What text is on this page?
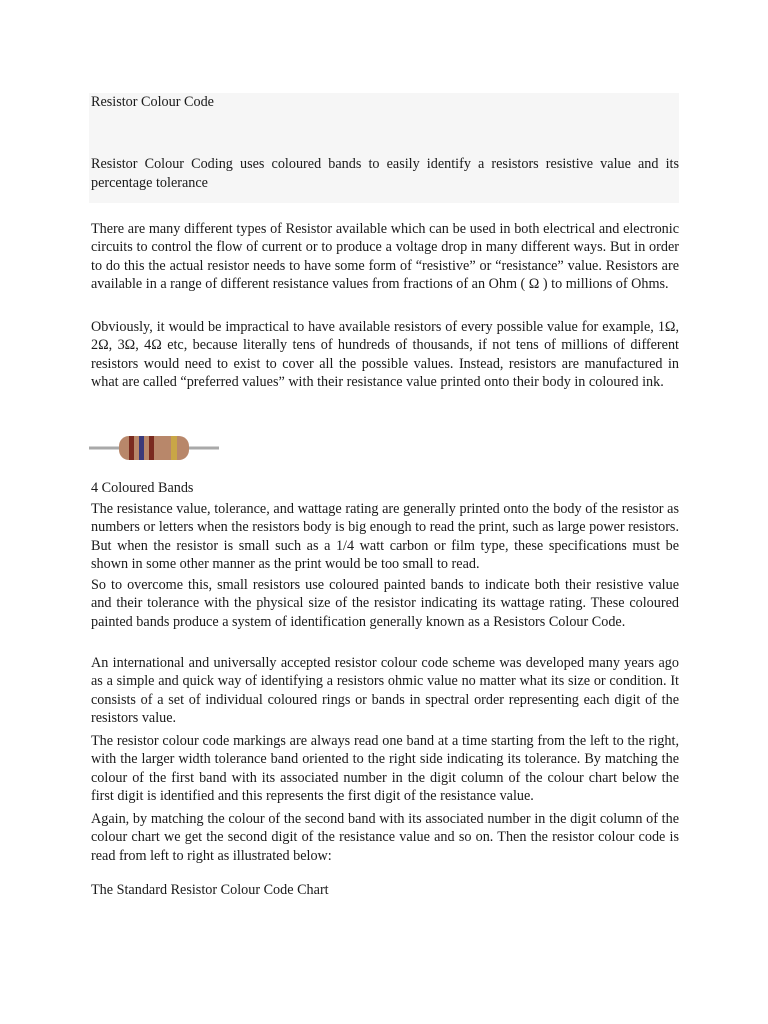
Resistor Colour Code

Resistor Colour Coding uses coloured bands to easily identify a resistors resistive value and its percentage tolerance

There are many different types of Resistor available which can be used in both electrical and electronic circuits to control the flow of current or to produce a voltage drop in many different ways. But in order to do this the actual resistor needs to have some form of “resistive” or “resistance” value. Resistors are available in a range of different resistance values from fractions of an Ohm ( Ω ) to millions of Ohms.

Obviously, it would be impractical to have available resistors of every possible value for example, 1Ω, 2Ω, 3Ω, 4Ω etc, because literally tens of hundreds of thousands, if not tens of millions of different resistors would need to exist to cover all the possible values. Instead, resistors are manufactured in what are called “preferred values” with their resistance value printed onto their body in coloured ink.

4 Coloured Bands

The resistance value, tolerance, and wattage rating are generally printed onto the body of the resistor as numbers or letters when the resistors body is big enough to read the print, such as large power resistors. But when the resistor is small such as a 1/4 watt carbon or film type, these specifications must be shown in some other manner as the print would be too small to read.

So to overcome this, small resistors use coloured painted bands to indicate both their resistive value and their tolerance with the physical size of the resistor indicating its wattage rating. These coloured painted bands produce a system of identification generally known as a Resistors Colour Code.

An international and universally accepted resistor colour code scheme was developed many years ago as a simple and quick way of identifying a resistors ohmic value no matter what its size or condition. It consists of a set of individual coloured rings or bands in spectral order representing each digit of the resistors value.

The resistor colour code markings are always read one band at a time starting from the left to the right, with the larger width tolerance band oriented to the right side indicating its tolerance. By matching the colour of the first band with its associated number in the digit column of the colour chart below the first digit is identified and this represents the first digit of the resistance value.

Again, by matching the colour of the second band with its associated number in the digit column of the colour chart we get the second digit of the resistance value and so on. Then the resistor colour code is read from left to right as illustrated below:

The Standard Resistor Colour Code Chart
